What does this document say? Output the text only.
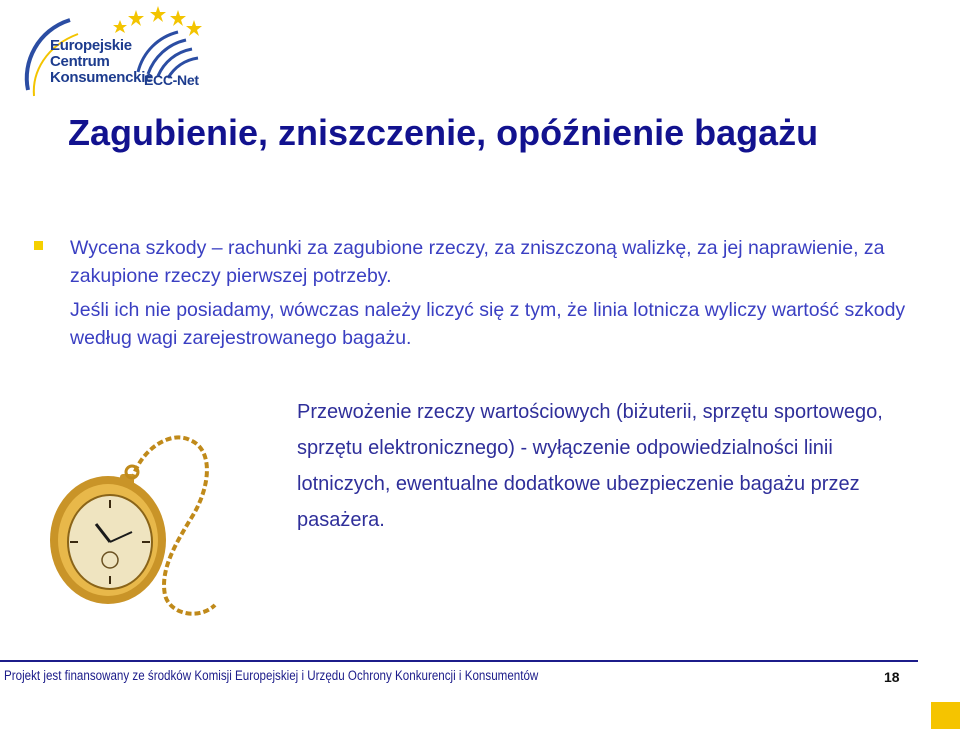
Europejskie
Centrum
Konsumenckie
ECC-Net
Zagubienie, zniszczenie, opóźnienie bagażu

Wycena szkody – rachunki za zagubione rzeczy, za zniszczoną walizkę, za jej naprawienie, za zakupione rzeczy pierwszej potrzeby.

Jeśli ich nie posiadamy, wówczas należy liczyć się z tym, że linia lotnicza wyliczy wartość szkody według wagi zarejestrowanego bagażu.

Przewożenie rzeczy wartościowych (biżuterii, sprzętu sportowego, sprzętu elektronicznego) - wyłączenie odpowiedzialności linii lotniczych, ewentualne dodatkowe ubezpieczenie bagażu przez pasażera.

Projekt jest finansowany ze środków Komisji Europejskiej i Urzędu Ochrony Konkurencji i Konsumentów	18
